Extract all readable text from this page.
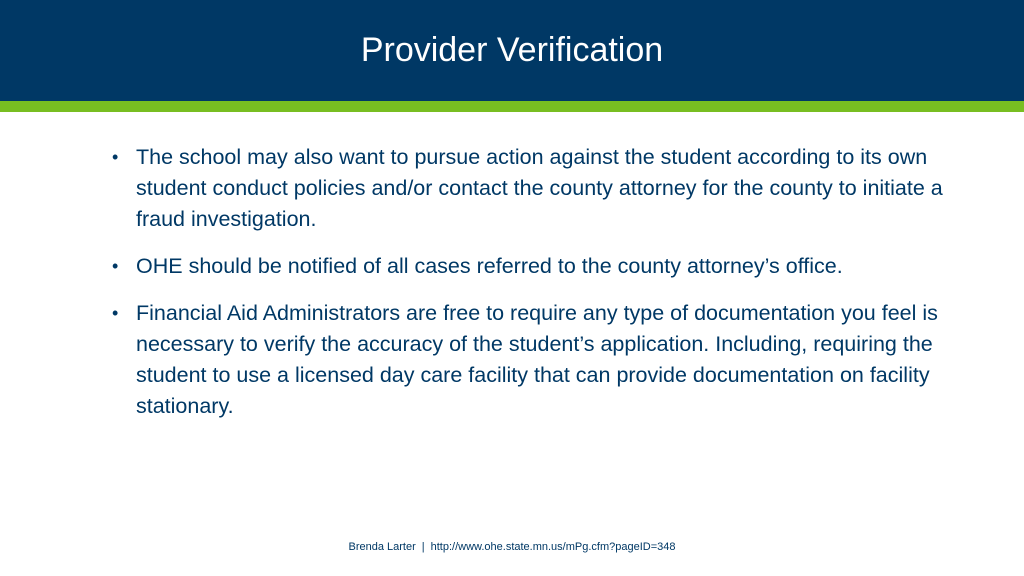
Provider Verification
• The school may also want to pursue action against the student according to its own student conduct policies and/or contact the county attorney for the county to initiate a fraud investigation.
• OHE should be notified of all cases referred to the county attorney’s office.
• Financial Aid Administrators are free to require any type of documentation you feel is necessary to verify the accuracy of the student’s application. Including, requiring the student to use a licensed day care facility that can provide documentation on facility stationary.
Brenda Larter | http://www.ohe.state.mn.us/mPg.cfm?pageID=348
